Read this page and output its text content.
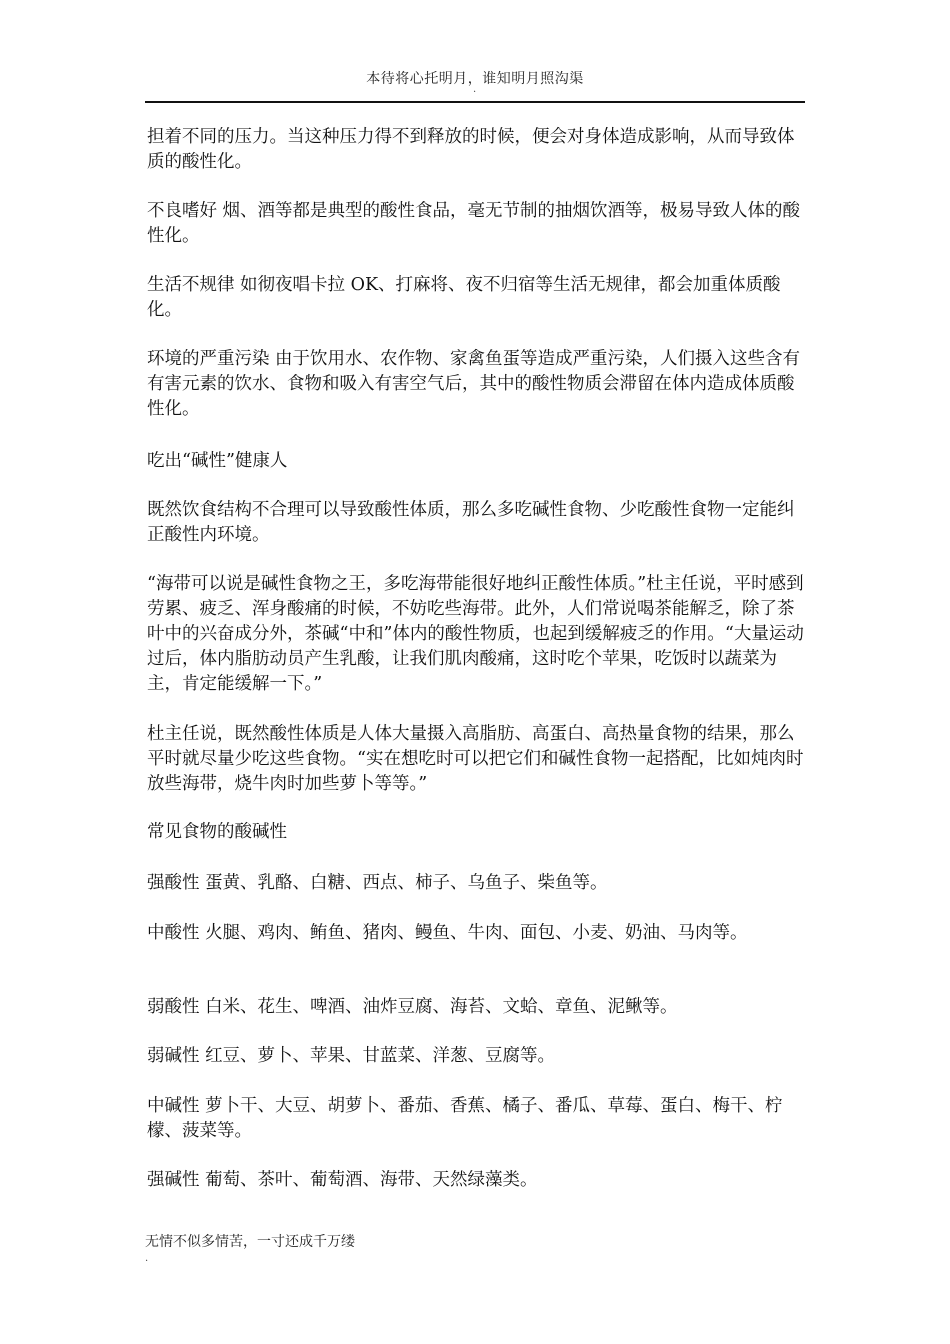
本待将心托明月，谁知明月照沟渠
.

担着不同的压力。当这种压力得不到释放的时候，便会对身体造成影响，从而导致体质的酸性化。

不良嗜好 烟、酒等都是典型的酸性食品，毫无节制的抽烟饮酒等，极易导致人体的酸性化。

生活不规律 如彻夜唱卡拉 OK、打麻将、夜不归宿等生活无规律，都会加重体质酸化。

环境的严重污染 由于饮用水、农作物、家禽鱼蛋等造成严重污染，人们摄入这些含有有害元素的饮水、食物和吸入有害空气后，其中的酸性物质会滞留在体内造成体质酸性化。

吃出“碱性”健康人

既然饮食结构不合理可以导致酸性体质，那么多吃碱性食物、少吃酸性食物一定能纠正酸性内环境。

“海带可以说是碱性食物之王，多吃海带能很好地纠正酸性体质。”杜主任说，平时感到劳累、疲乏、浑身酸痛的时候，不妨吃些海带。此外，人们常说喝茶能解乏，除了茶叶中的兴奋成分外，茶碱“中和”体内的酸性物质，也起到缓解疲乏的作用。“大量运动过后，体内脂肪动员产生乳酸，让我们肌肉酸痛，这时吃个苹果，吃饭时以蔬菜为主，肯定能缓解一下。”

杜主任说，既然酸性体质是人体大量摄入高脂肪、高蛋白、高热量食物的结果，那么平时就尽量少吃这些食物。“实在想吃时可以把它们和碱性食物一起搭配，比如炖肉时放些海带，烧牛肉时加些萝卜等等。”

常见食物的酸碱性

强酸性 蛋黄、乳酪、白糖、西点、柿子、乌鱼子、柴鱼等。

中酸性 火腿、鸡肉、鲔鱼、猪肉、鳗鱼、牛肉、面包、小麦、奶油、马肉等。

弱酸性 白米、花生、啤酒、油炸豆腐、海苔、文蛤、章鱼、泥鳅等。

弱碱性 红豆、萝卜、苹果、甘蓝菜、洋葱、豆腐等。

中碱性 萝卜干、大豆、胡萝卜、番茄、香蕉、橘子、番瓜、草莓、蛋白、梅干、柠檬、菠菜等。

强碱性 葡萄、茶叶、葡萄酒、海带、天然绿藻类。

无情不似多情苦，一寸还成千万缕
.
